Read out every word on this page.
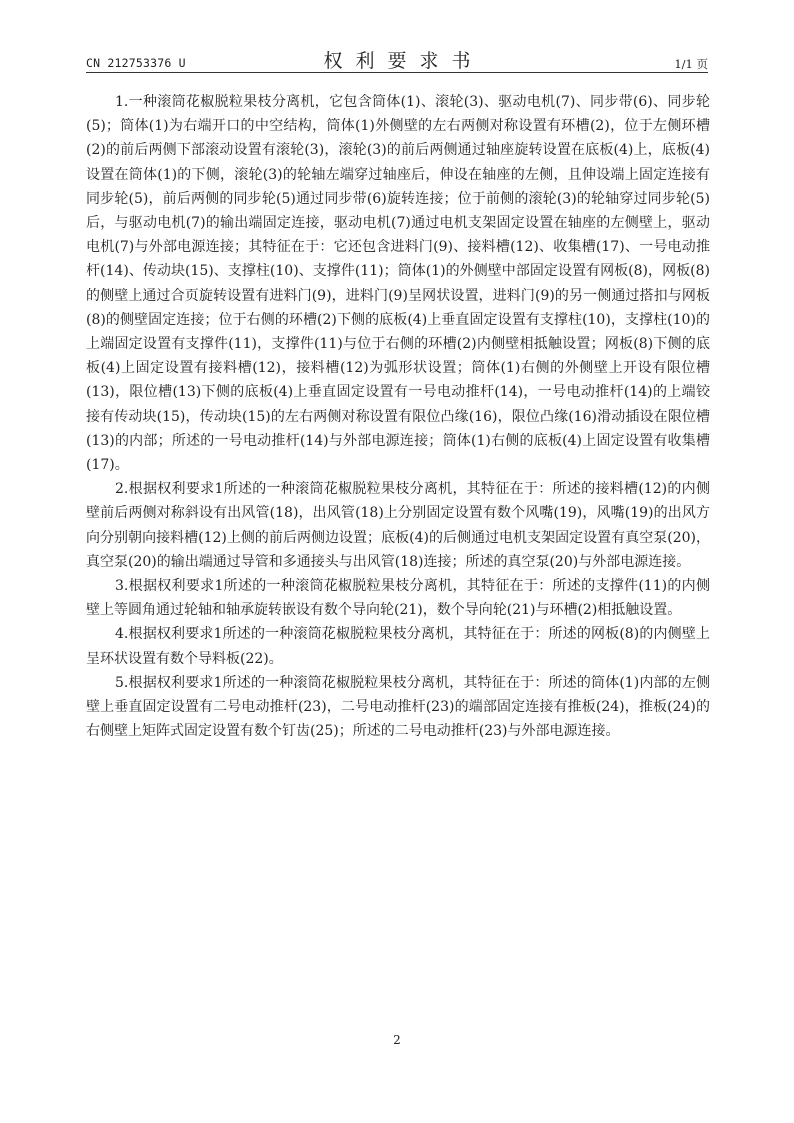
CN 212753376 U	权利要求书	1/1 页

1.一种滚筒花椒脱粒果枝分离机，它包含筒体(1)、滚轮(3)、驱动电机(7)、同步带(6)、同步轮(5)；筒体(1)为右端开口的中空结构，筒体(1)外侧壁的左右两侧对称设置有环槽(2)，位于左侧环槽(2)的前后两侧下部滚动设置有滚轮(3)，滚轮(3)的前后两侧通过轴座旋转设置在底板(4)上，底板(4)设置在筒体(1)的下侧，滚轮(3)的轮轴左端穿过轴座后，伸设在轴座的左侧，且伸设端上固定连接有同步轮(5)，前后两侧的同步轮(5)通过同步带(6)旋转连接；位于前侧的滚轮(3)的轮轴穿过同步轮(5)后，与驱动电机(7)的输出端固定连接，驱动电机(7)通过电机支架固定设置在轴座的左侧壁上，驱动电机(7)与外部电源连接；其特征在于：它还包含进料门(9)、接料槽(12)、收集槽(17)、一号电动推杆(14)、传动块(15)、支撑柱(10)、支撑件(11)；筒体(1)的外侧壁中部固定设置有网板(8)，网板(8)的侧壁上通过合页旋转设置有进料门(9)，进料门(9)呈网状设置，进料门(9)的另一侧通过搭扣与网板(8)的侧壁固定连接；位于右侧的环槽(2)下侧的底板(4)上垂直固定设置有支撑柱(10)，支撑柱(10)的上端固定设置有支撑件(11)，支撑件(11)与位于右侧的环槽(2)内侧壁相抵触设置；网板(8)下侧的底板(4)上固定设置有接料槽(12)，接料槽(12)为弧形状设置；筒体(1)右侧的外侧壁上开设有限位槽(13)，限位槽(13)下侧的底板(4)上垂直固定设置有一号电动推杆(14)，一号电动推杆(14)的上端铰接有传动块(15)，传动块(15)的左右两侧对称设置有限位凸缘(16)，限位凸缘(16)滑动插设在限位槽(13)的内部；所述的一号电动推杆(14)与外部电源连接；筒体(1)右侧的底板(4)上固定设置有收集槽(17)。

2.根据权利要求1所述的一种滚筒花椒脱粒果枝分离机，其特征在于：所述的接料槽(12)的内侧壁前后两侧对称斜设有出风管(18)，出风管(18)上分别固定设置有数个风嘴(19)，风嘴(19)的出风方向分别朝向接料槽(12)上侧的前后两侧边设置；底板(4)的后侧通过电机支架固定设置有真空泵(20)，真空泵(20)的输出端通过导管和多通接头与出风管(18)连接；所述的真空泵(20)与外部电源连接。

3.根据权利要求1所述的一种滚筒花椒脱粒果枝分离机，其特征在于：所述的支撑件(11)的内侧壁上等圆角通过轮轴和轴承旋转嵌设有数个导向轮(21)，数个导向轮(21)与环槽(2)相抵触设置。

4.根据权利要求1所述的一种滚筒花椒脱粒果枝分离机，其特征在于：所述的网板(8)的内侧壁上呈环状设置有数个导料板(22)。

5.根据权利要求1所述的一种滚筒花椒脱粒果枝分离机，其特征在于：所述的筒体(1)内部的左侧壁上垂直固定设置有二号电动推杆(23)，二号电动推杆(23)的端部固定连接有推板(24)，推板(24)的右侧壁上矩阵式固定设置有数个钉齿(25)；所述的二号电动推杆(23)与外部电源连接。

2
